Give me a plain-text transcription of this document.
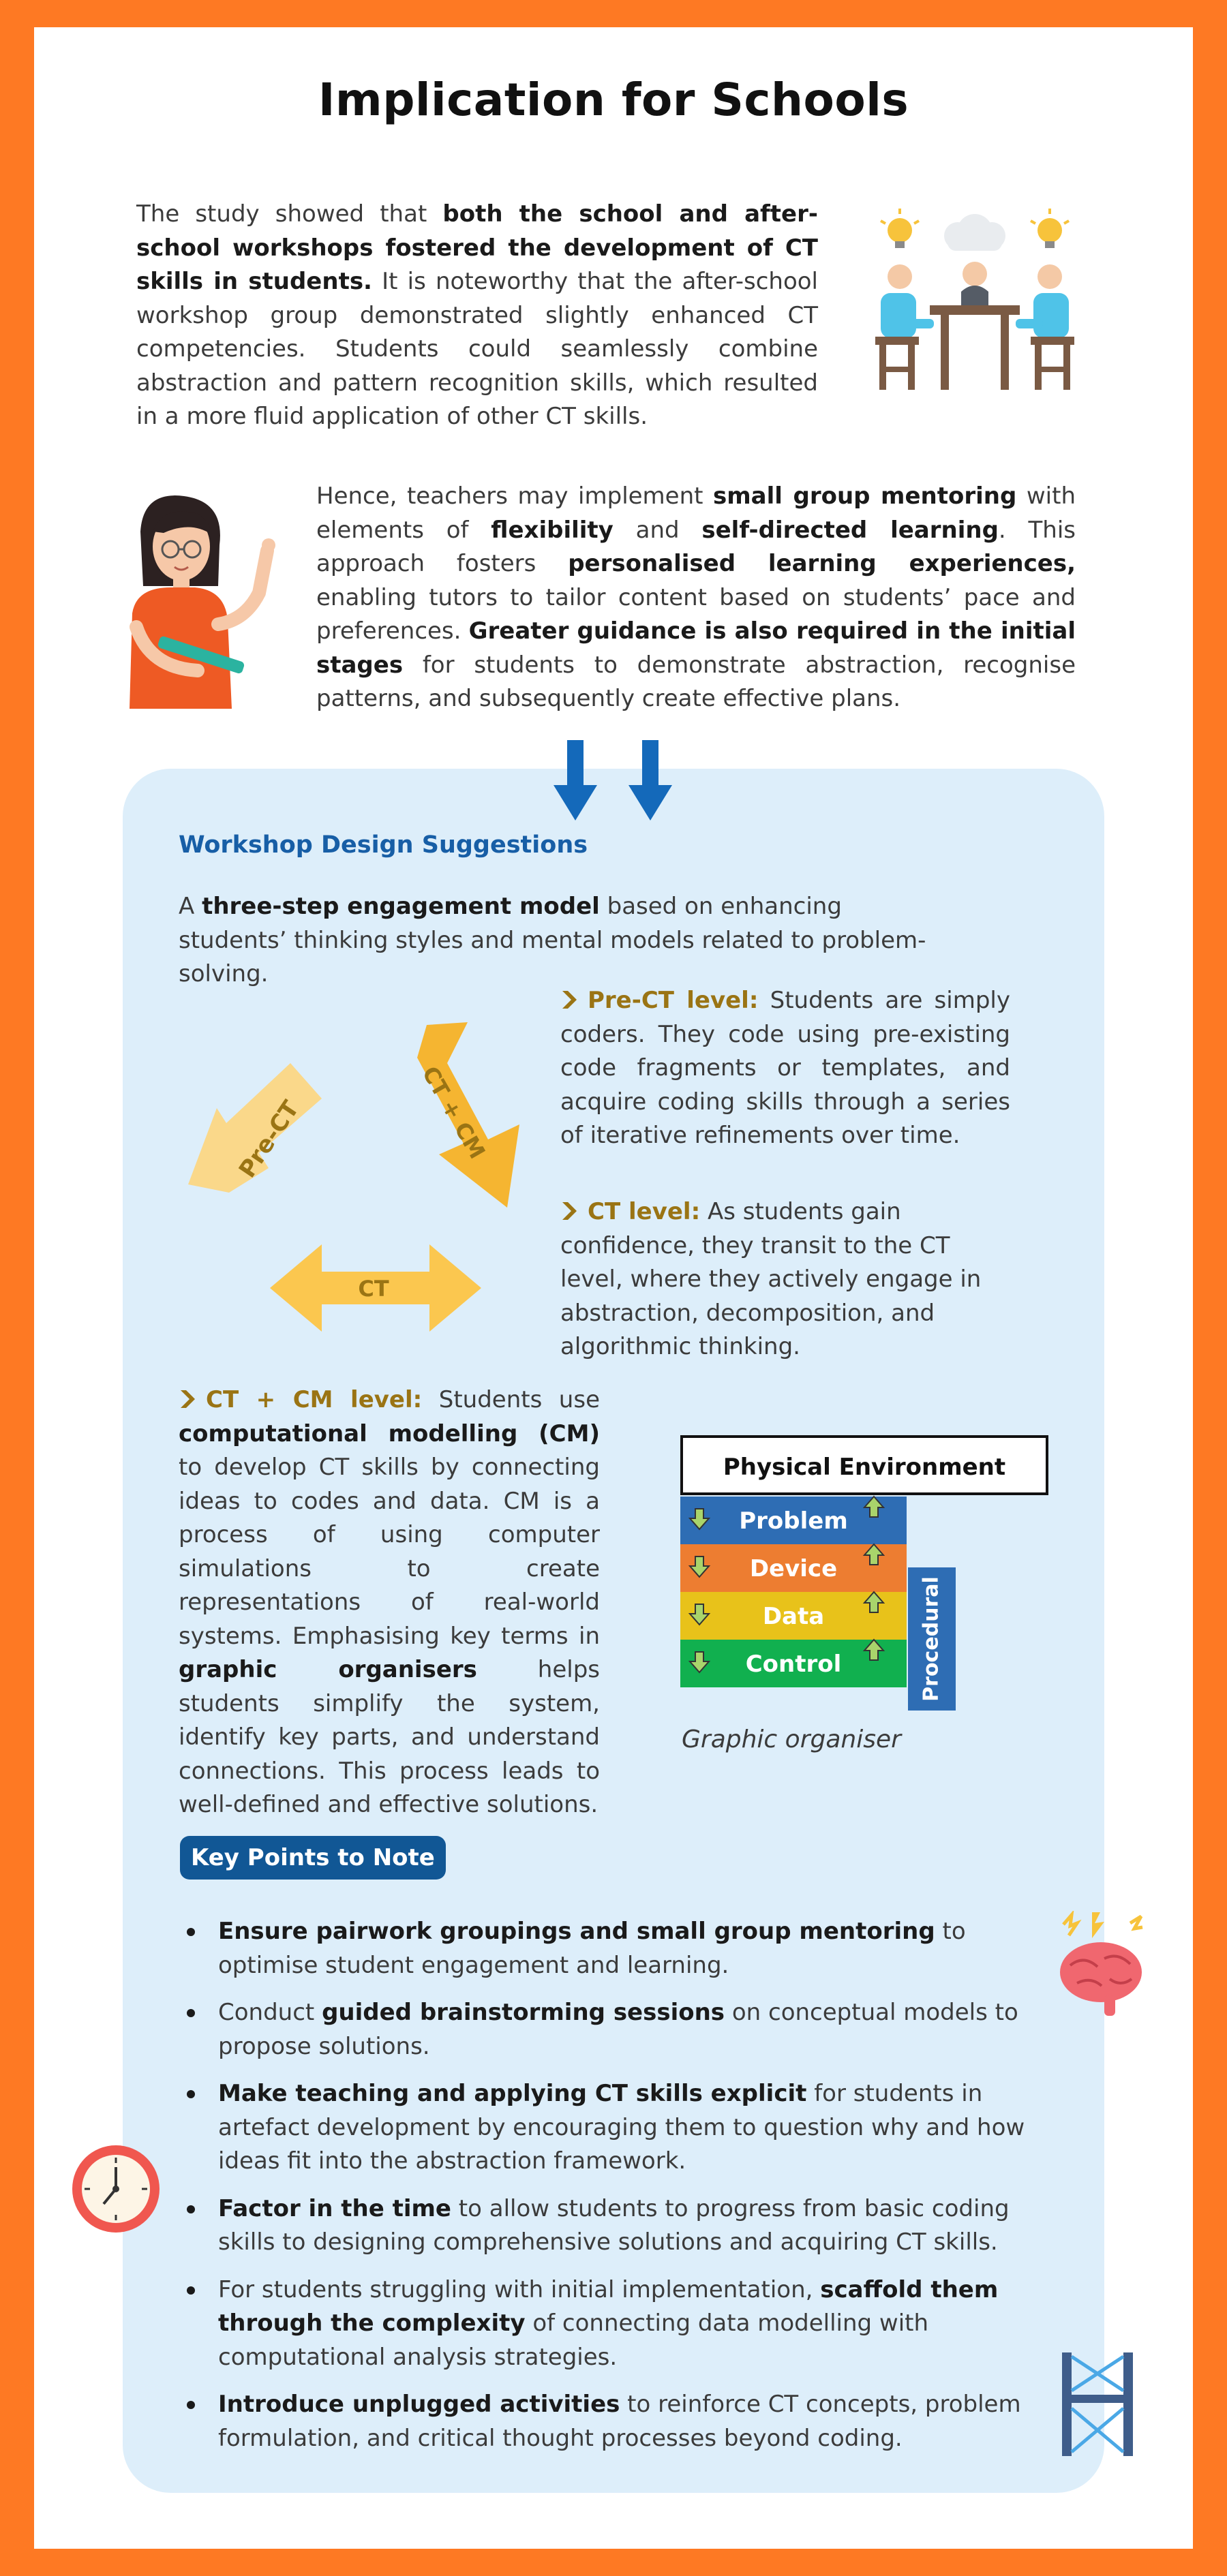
Implication for Schools

The study showed that both the school and after-school workshops fostered the development of CT skills in students. It is noteworthy that the after-school workshop group demonstrated slightly enhanced CT competencies. Students could seamlessly combine abstraction and pattern recognition skills, which resulted in a more fluid application of other CT skills.

Hence, teachers may implement small group mentoring with elements of flexibility and self-directed learning. This approach fosters personalised learning experiences, enabling tutors to tailor content based on students’ pace and preferences. Greater guidance is also required in the initial stages for students to demonstrate abstraction, recognise patterns, and subsequently create effective plans.

Workshop Design Suggestions

A three-step engagement model based on enhancing students’ thinking styles and mental models related to problem-solving.

Pre-CT	CT + CM
CT

Pre-CT level: Students are simply coders. They code using pre-existing code fragments or templates, and acquire coding skills through a series of iterative refinements over time.

CT level: As students gain confidence, they transit to the CT level, where they actively engage in abstraction, decomposition, and algorithmic thinking.

CT + CM level: Students use computational modelling (CM) to develop CT skills by connecting ideas to codes and data. CM is a process of using computer simulations to create representations of real-world systems. Emphasising key terms in graphic organisers helps students simplify the system, identify key parts, and understand connections. This process leads to well-defined and effective solutions.

Physical Environment
Procedural
Problem
Device
Data
Control
Graphic organiser
Key Points to Note
Ensure pairwork groupings and small group mentoring to optimise student engagement and learning.
Conduct guided brainstorming sessions on conceptual models to propose solutions.
Make teaching and applying CT skills explicit for students in artefact development by encouraging them to question why and how ideas fit into the abstraction framework.
Factor in the time to allow students to progress from basic coding skills to designing comprehensive solutions and acquiring CT skills.
For students struggling with initial implementation, scaffold them through the complexity of connecting data modelling with computational analysis strategies.
Introduce unplugged activities to reinforce CT concepts, problem formulation, and critical thought processes beyond coding.
